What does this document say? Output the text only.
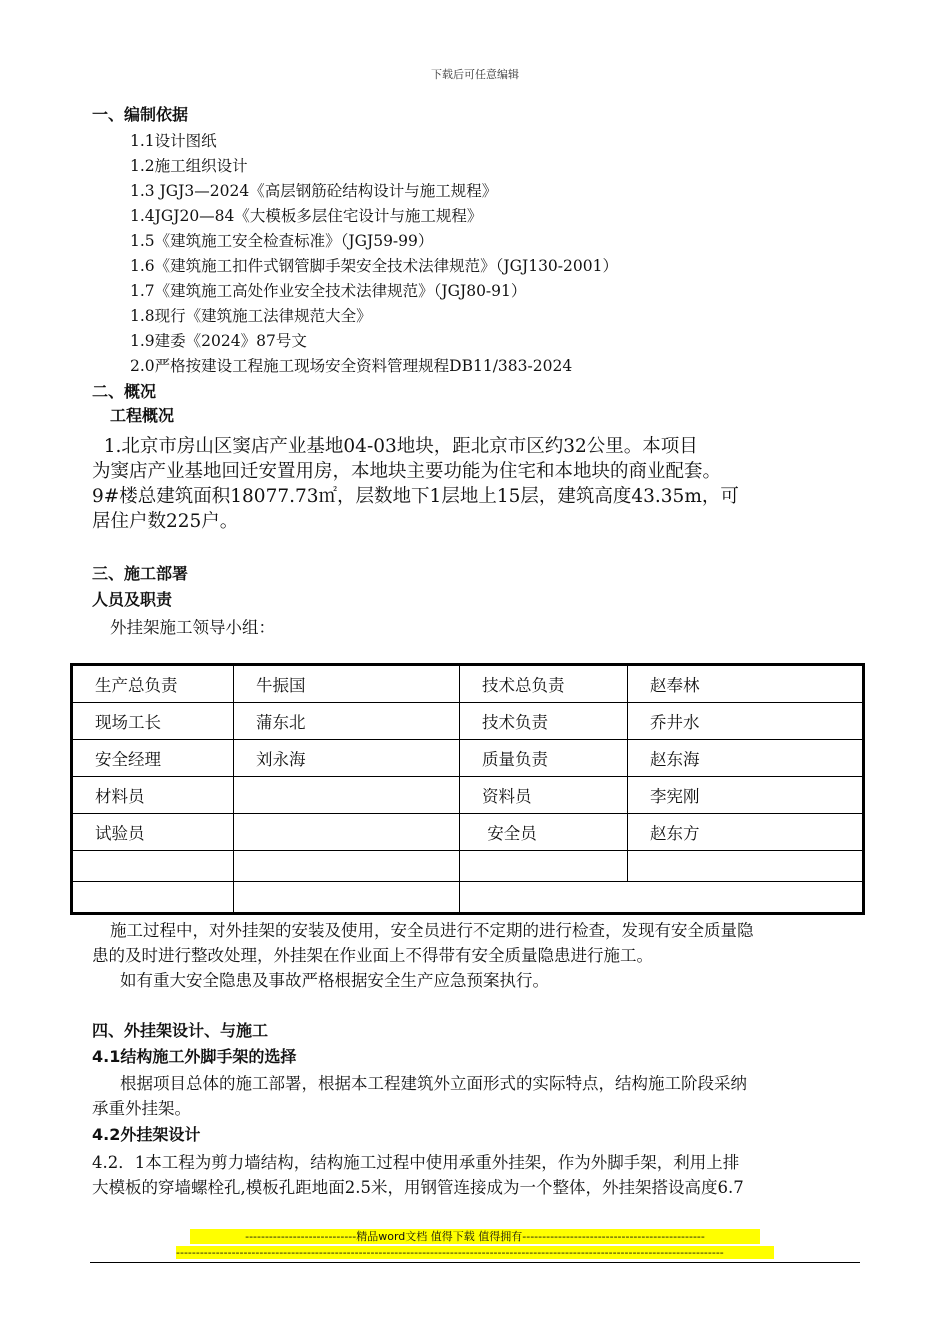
下载后可任意编辑
一、编制依据
1.1设计图纸
1.2施工组织设计
1.3 JGJ3—2024《高层钢筋砼结构设计与施工规程》
1.4JGJ20—84《大模板多层住宅设计与施工规程》
1.5《建筑施工安全检查标准》（JGJ59-99）
1.6《建筑施工扣件式钢管脚手架安全技术法律规范》（JGJ130-2001）
1.7《建筑施工高处作业安全技术法律规范》（JGJ80-91）
1.8现行《建筑施工法律规范大全》
1.9建委《2024》87号文
2.0严格按建设工程施工现场安全资料管理规程DB11/383-2024
二、概况
工程概况
1.北京市房山区窦店产业基地04-03地块，距北京市区约32公里。本项目
为窦店产业基地回迁安置用房，本地块主要功能为住宅和本地块的商业配套。
9#楼总建筑面积18077.73㎡，层数地下1层地上15层，建筑高度43.35m，可
居住户数225户。
三、施工部署
人员及职责
外挂架施工领导小组：
生产总负责	牛振国	技术总负责	赵奉林
现场工长	蒲东北	技术负责	乔井水
安全经理	刘永海	质量负责	赵东海
材料员		资料员	李宪刚
试验员		安全员	赵东方

施工过程中，对外挂架的安装及使用，安全员进行不定期的进行检查，发现有安全质量隐
患的及时进行整改处理，外挂架在作业面上不得带有安全质量隐患进行施工。
如有重大安全隐患及事故严格根据安全生产应急预案执行。
四、外挂架设计、与施工
4.1结构施工外脚手架的选择
根据项目总体的施工部署，根据本工程建筑外立面形式的实际特点，结构施工阶段采纳
承重外挂架。
4.2外挂架设计
4.2．1本工程为剪力墙结构，结构施工过程中使用承重外挂架，作为外脚手架，利用上排
大模板的穿墙螺栓孔,模板孔距地面2.5米，用钢管连接成为一个整体，外挂架搭设高度6.7
----------------------------精品word文档 值得下载 值得拥有----------------------------------------------
------------------------------------------------------------------------------------------------------------------------------------------
